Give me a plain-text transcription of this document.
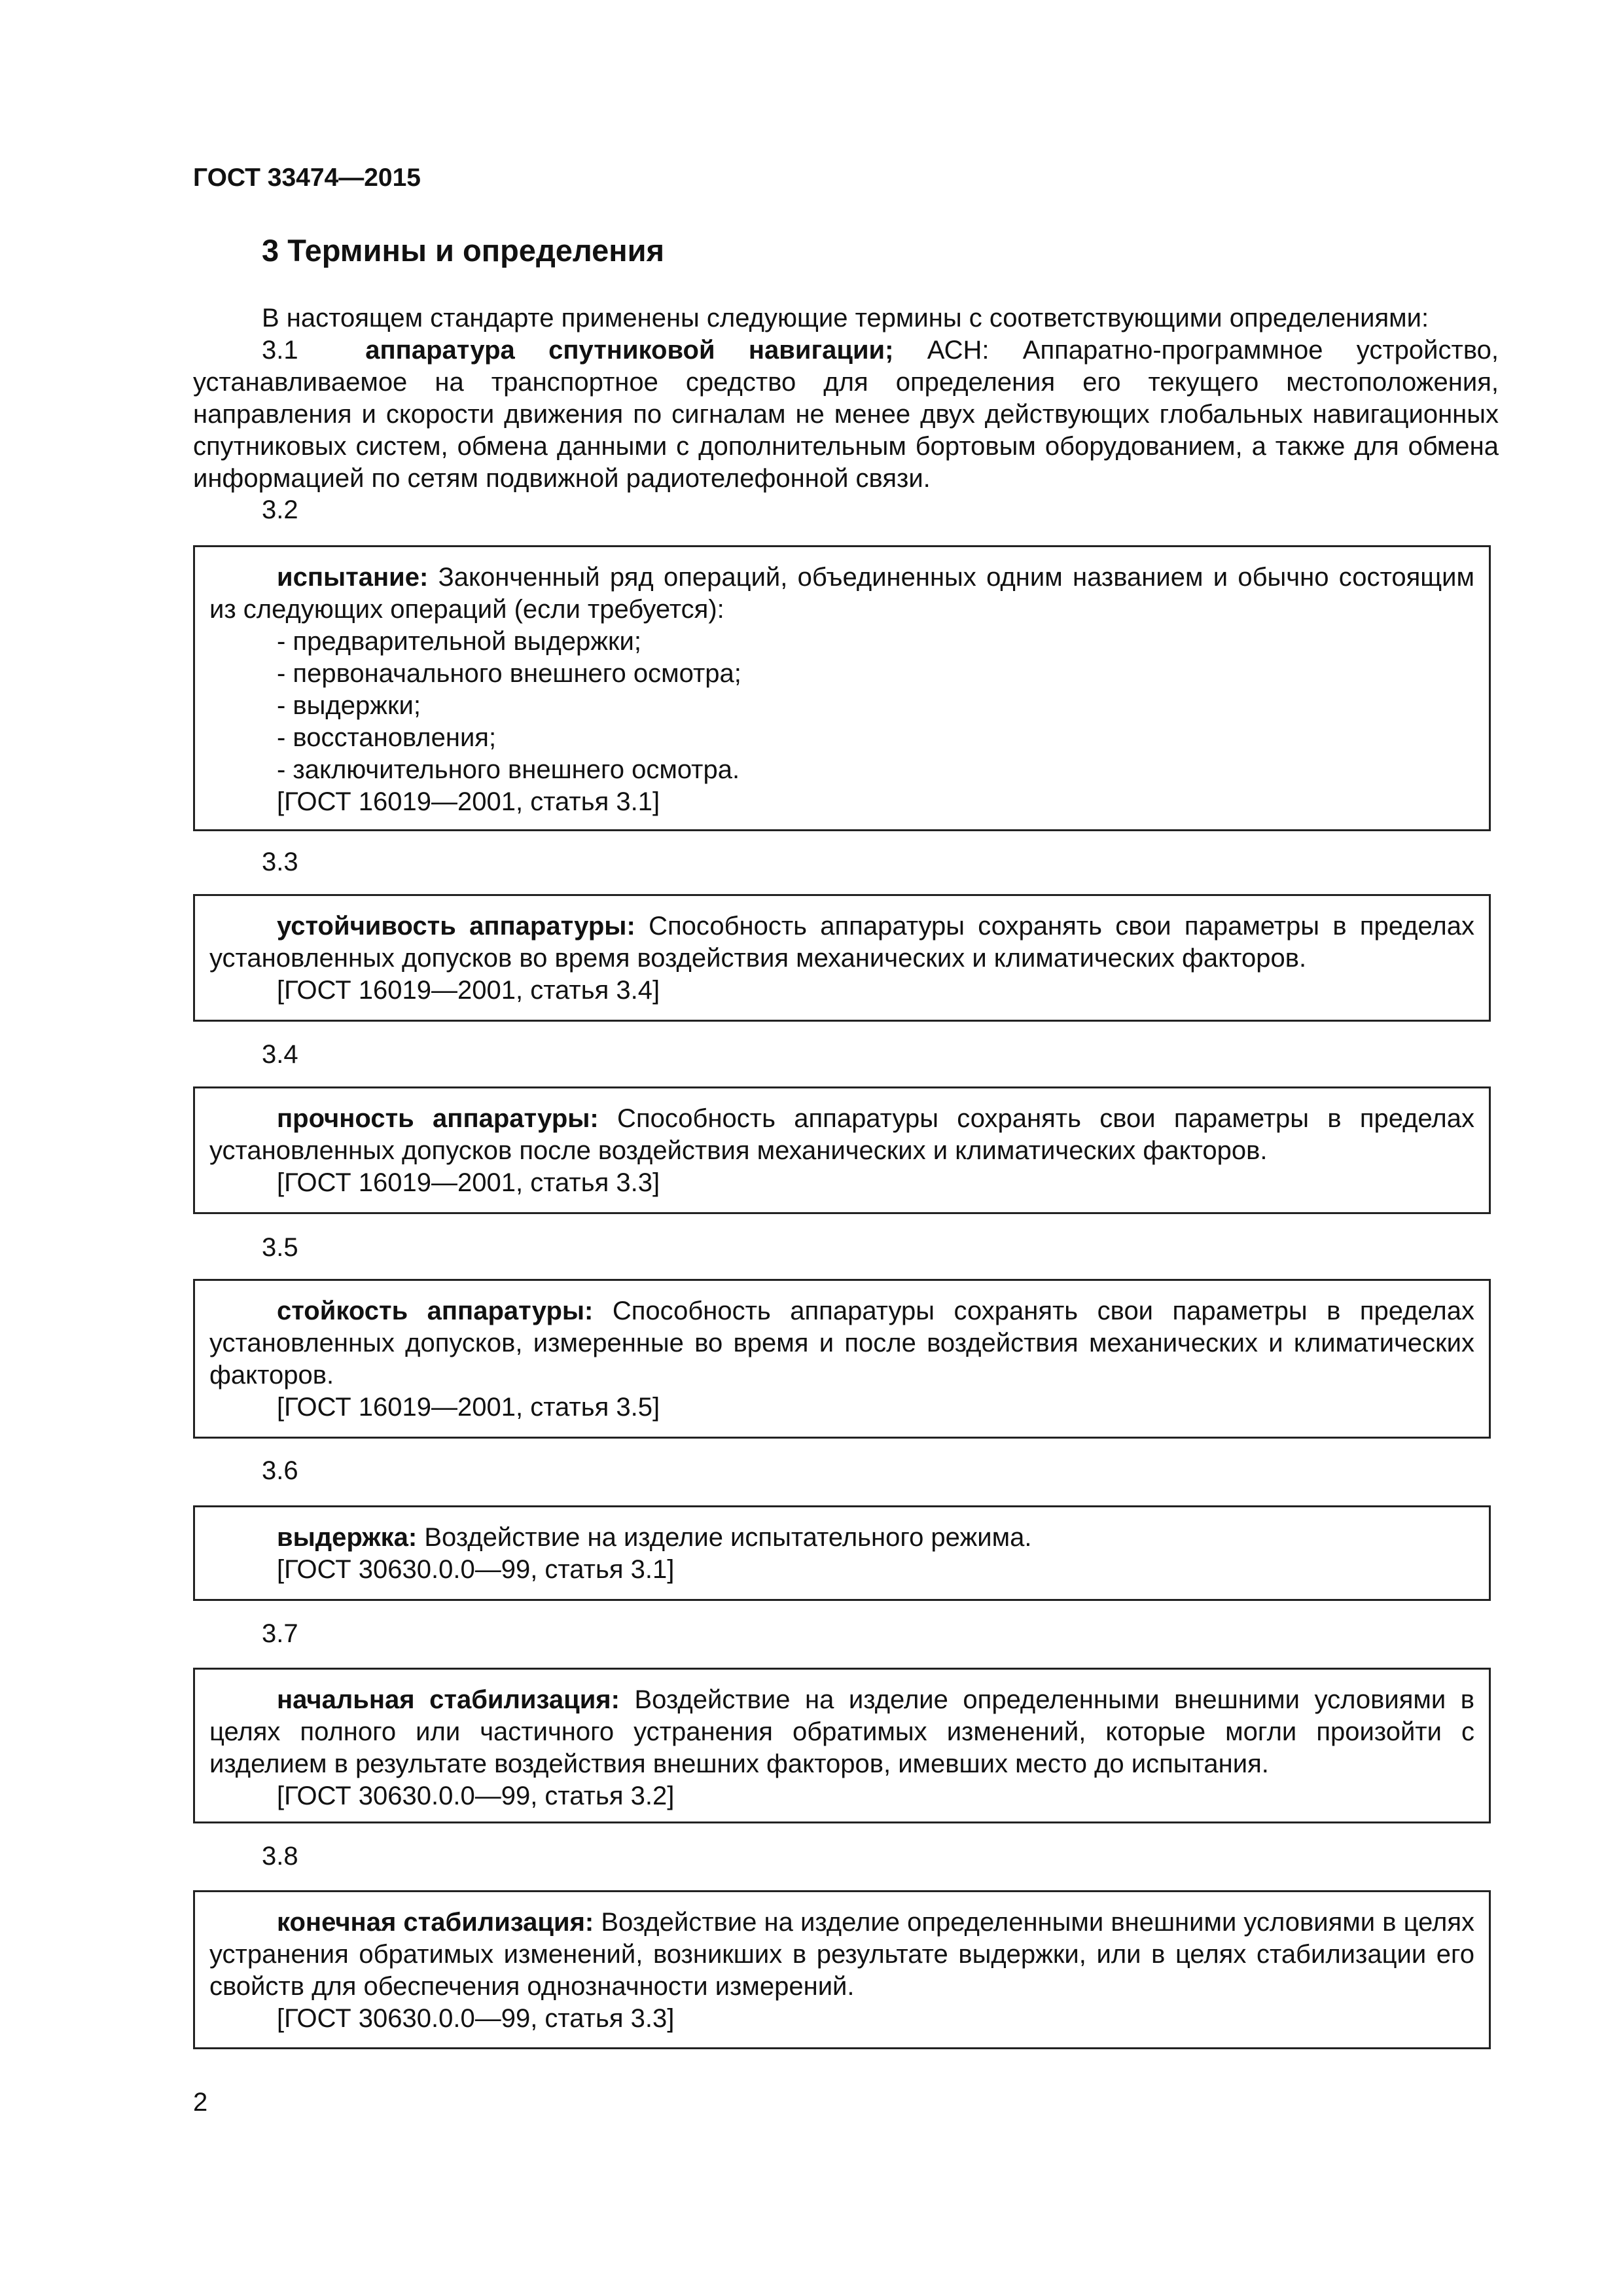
ГОСТ 33474—2015
3 Термины и определения
В настоящем стандарте применены следующие термины с соответствующими определениями:
3.1	аппаратура спутниковой навигации; АСН: Аппаратно-программное устройство, устанавливаемое на транспортное средство для определения его текущего местоположения, направления и скорости движения по сигналам не менее двух действующих глобальных навигационных спутниковых систем, обмена данными с дополнительным бортовым оборудованием, а также для обмена информацией по сетям подвижной радиотелефонной связи.
3.2

испытание: Законченный ряд операций, объединенных одним названием и обычно состоящим из следующих операций (если требуется):

- предварительной выдержки;

- первоначального внешнего осмотра;

- выдержки;

- восстановления;

- заключительного внешнего осмотра.

[ГОСТ 16019—2001, статья 3.1]

3.3

устойчивость аппаратуры: Способность аппаратуры сохранять свои параметры в пределах установленных допусков во время воздействия механических и климатических факторов.

[ГОСТ 16019—2001, статья 3.4]

3.4

прочность аппаратуры: Способность аппаратуры сохранять свои параметры в пределах установленных допусков после воздействия механических и климатических факторов.

[ГОСТ 16019—2001, статья 3.3]

3.5

стойкость аппаратуры: Способность аппаратуры сохранять свои параметры в пределах установленных допусков, измеренные во время и после воздействия механических и климатических факторов.

[ГОСТ 16019—2001, статья 3.5]

3.6

выдержка: Воздействие на изделие испытательного режима.

[ГОСТ 30630.0.0—99, статья 3.1]

3.7

начальная стабилизация: Воздействие на изделие определенными внешними условиями в целях полного или частичного устранения обратимых изменений, которые могли произойти с изделием в результате воздействия внешних факторов, имевших место до испытания.

[ГОСТ 30630.0.0—99, статья 3.2]

3.8

конечная стабилизация: Воздействие на изделие определенными внешними условиями в целях устранения обратимых изменений, возникших в результате выдержки, или в целях стабилизации его свойств для обеспечения однозначности измерений.

[ГОСТ 30630.0.0—99, статья 3.3]

2
